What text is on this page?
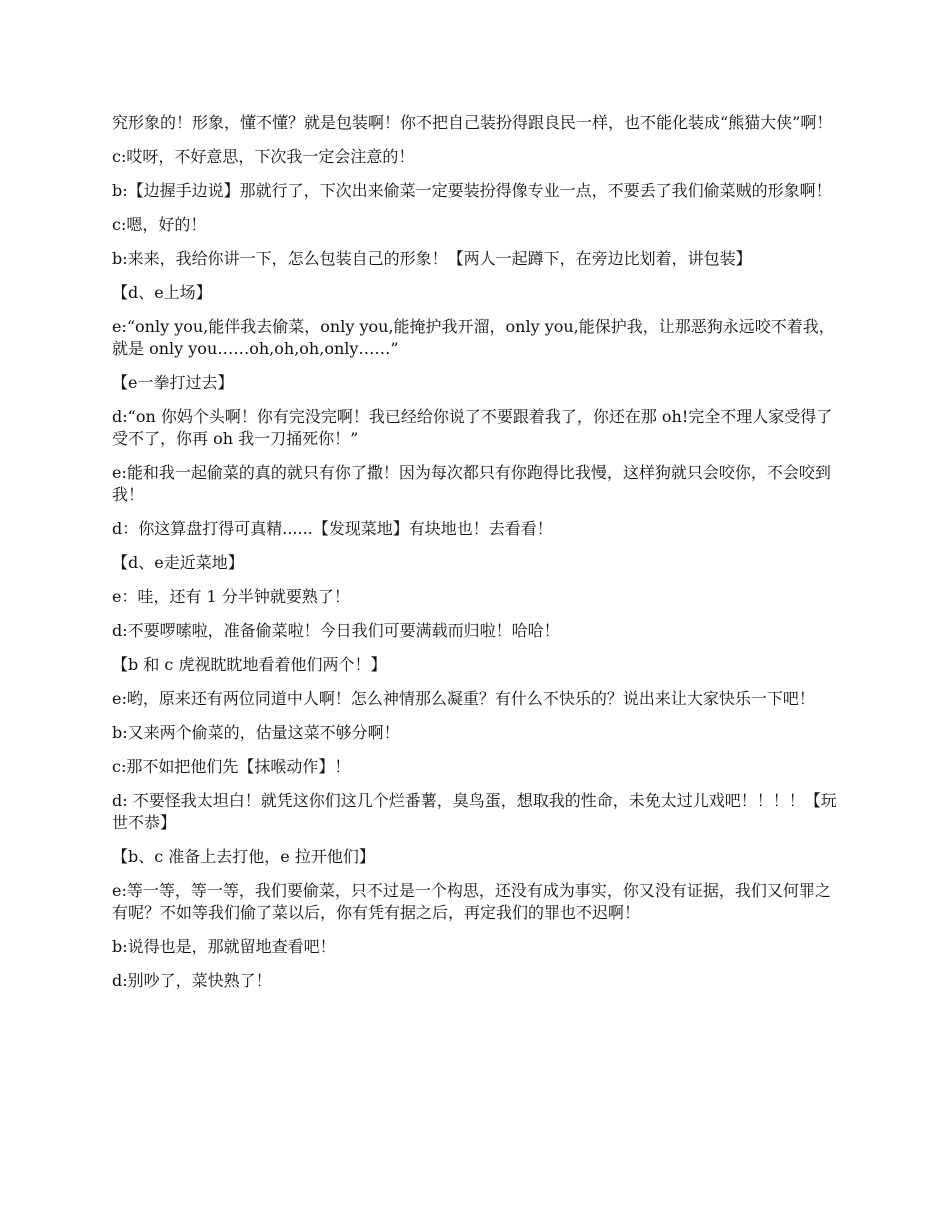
究形象的！形象，懂不懂？就是包装啊！你不把自己装扮得跟良民一样，也不能化装成“熊猫大侠”啊！

c:哎呀，不好意思，下次我一定会注意的！

b:【边握手边说】那就行了，下次出来偷菜一定要装扮得像专业一点，不要丢了我们偷菜贼的形象啊！

c:嗯，好的！

b:来来，我给你讲一下，怎么包装自己的形象！【两人一起蹲下，在旁边比划着，讲包装】

【d、e上场】

e:“only you,能伴我去偷菜，only you,能掩护我开溜，only you,能保护我，让那恶狗永远咬不着我，就是 only you……oh,oh,oh,only……”

【e一拳打过去】

d:“on 你妈个头啊！你有完没完啊！我已经给你说了不要跟着我了，你还在那 oh!完全不理人家受得了受不了，你再 oh 我一刀捅死你！”

e:能和我一起偷菜的真的就只有你了撒！因为每次都只有你跑得比我慢，这样狗就只会咬你，不会咬到我！

d：你这算盘打得可真精......【发现菜地】有块地也！去看看！

【d、e走近菜地】

e：哇，还有 1 分半钟就要熟了！

d:不要啰嗦啦，准备偷菜啦！今日我们可要满载而归啦！哈哈！

【b 和 c 虎视眈眈地看着他们两个！】

e:哟，原来还有两位同道中人啊！怎么神情那么凝重？有什么不快乐的？说出来让大家快乐一下吧！

b:又来两个偷菜的，估量这菜不够分啊！

c:那不如把他们先【抹喉动作】！

d: 不要怪我太坦白！就凭这你们这几个烂番薯，臭鸟蛋，想取我的性命，未免太过儿戏吧！！！！【玩世不恭】

【b、c 准备上去打他，e 拉开他们】

e:等一等，等一等，我们要偷菜，只不过是一个构思，还没有成为事实，你又没有证据，我们又何罪之有呢？不如等我们偷了菜以后，你有凭有据之后，再定我们的罪也不迟啊！

b:说得也是，那就留地查看吧！

d:别吵了，菜快熟了！
